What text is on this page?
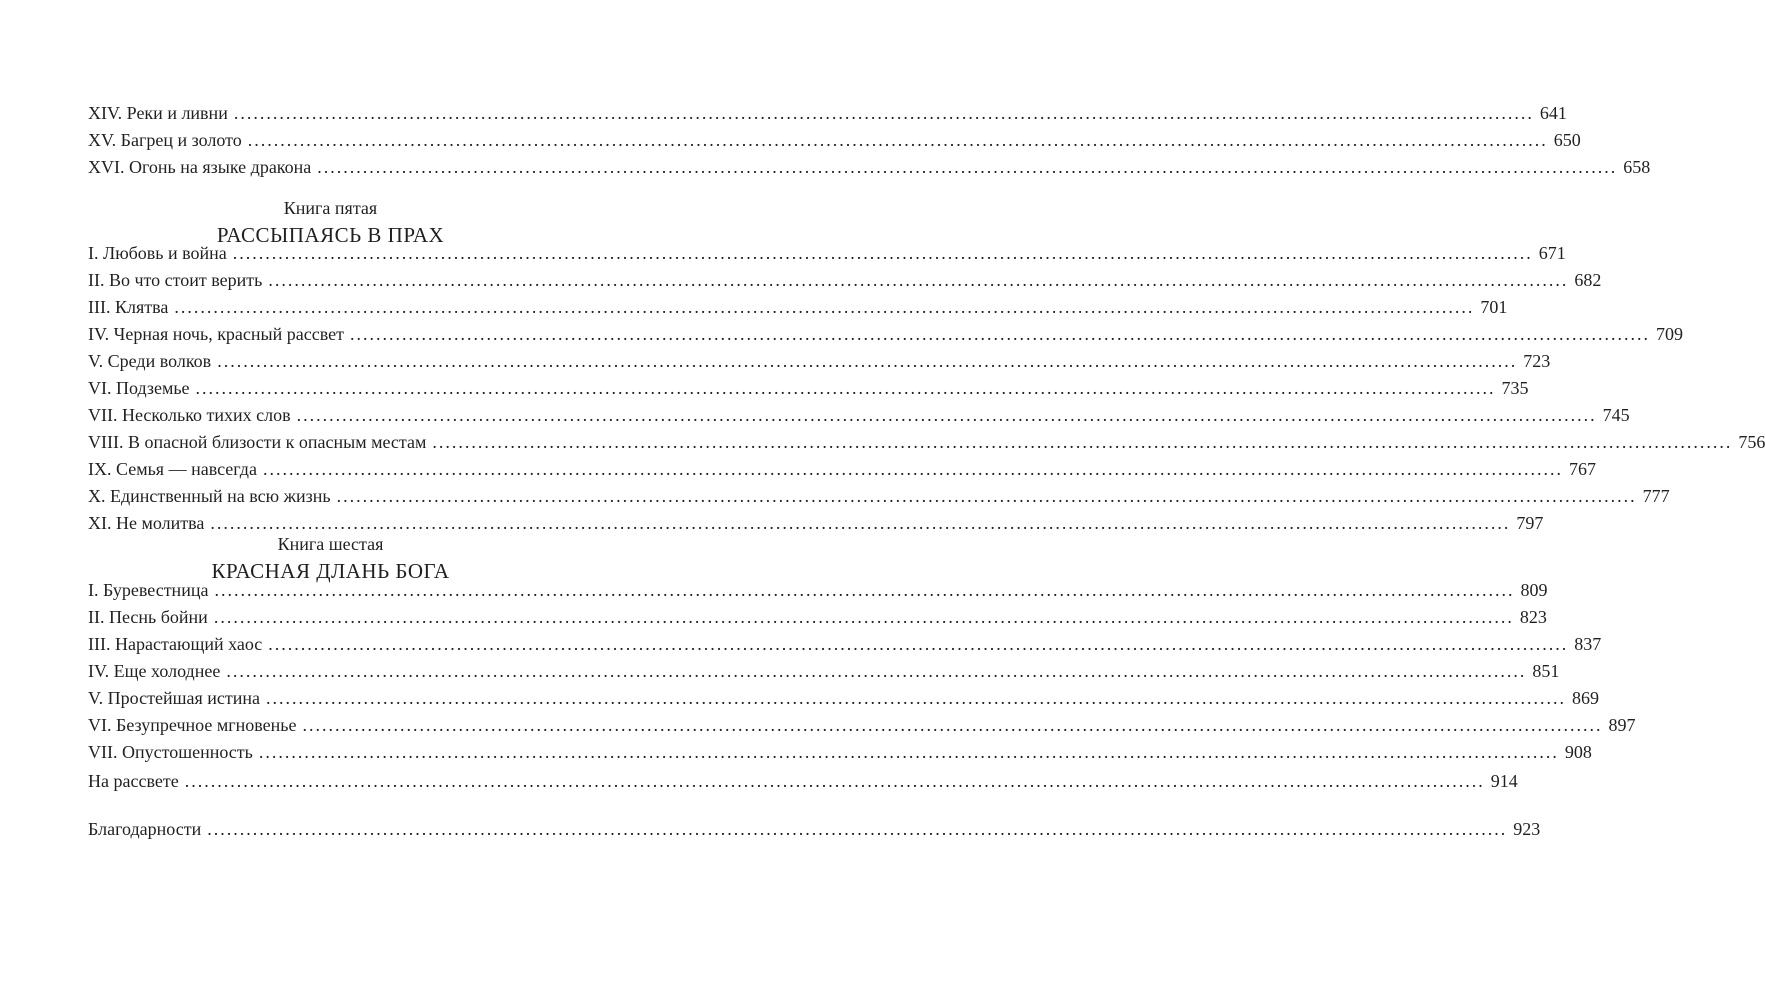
XIV. Реки и ливни ........................................................................................................................................................................................................ 641
XV. Багрец и золото ........................................................................................................................................................................................................ 650
XVI. Огонь на языке дракона ........................................................................................................................................................................................................ 658
Книга пятая
РАССЫПАЯСЬ В ПРАХ
I. Любовь и война ........................................................................................................................................................................................................ 671
II. Во что стоит верить ........................................................................................................................................................................................................ 682
III. Клятва ........................................................................................................................................................................................................ 701
IV. Черная ночь, красный рассвет ........................................................................................................................................................................................................ 709
V. Среди волков ........................................................................................................................................................................................................ 723
VI. Подземье ........................................................................................................................................................................................................ 735
VII. Несколько тихих слов ........................................................................................................................................................................................................ 745
VIII. В опасной близости к опасным местам ........................................................................................................................................................................................................ 756
IX. Семья — навсегда ........................................................................................................................................................................................................ 767
X. Единственный на всю жизнь ........................................................................................................................................................................................................ 777
XI. Не молитва ........................................................................................................................................................................................................ 797
Книга шестая
КРАСНАЯ ДЛАНЬ БОГА
I. Буревестница ........................................................................................................................................................................................................ 809
II. Песнь бойни ........................................................................................................................................................................................................ 823
III. Нарастающий хаос ........................................................................................................................................................................................................ 837
IV. Еще холоднее ........................................................................................................................................................................................................ 851
V. Простейшая истина ........................................................................................................................................................................................................ 869
VI. Безупречное мгновенье ........................................................................................................................................................................................................ 897
VII. Опустошенность ........................................................................................................................................................................................................ 908
На рассвете ........................................................................................................................................................................................................ 914
Благодарности ........................................................................................................................................................................................................ 923
